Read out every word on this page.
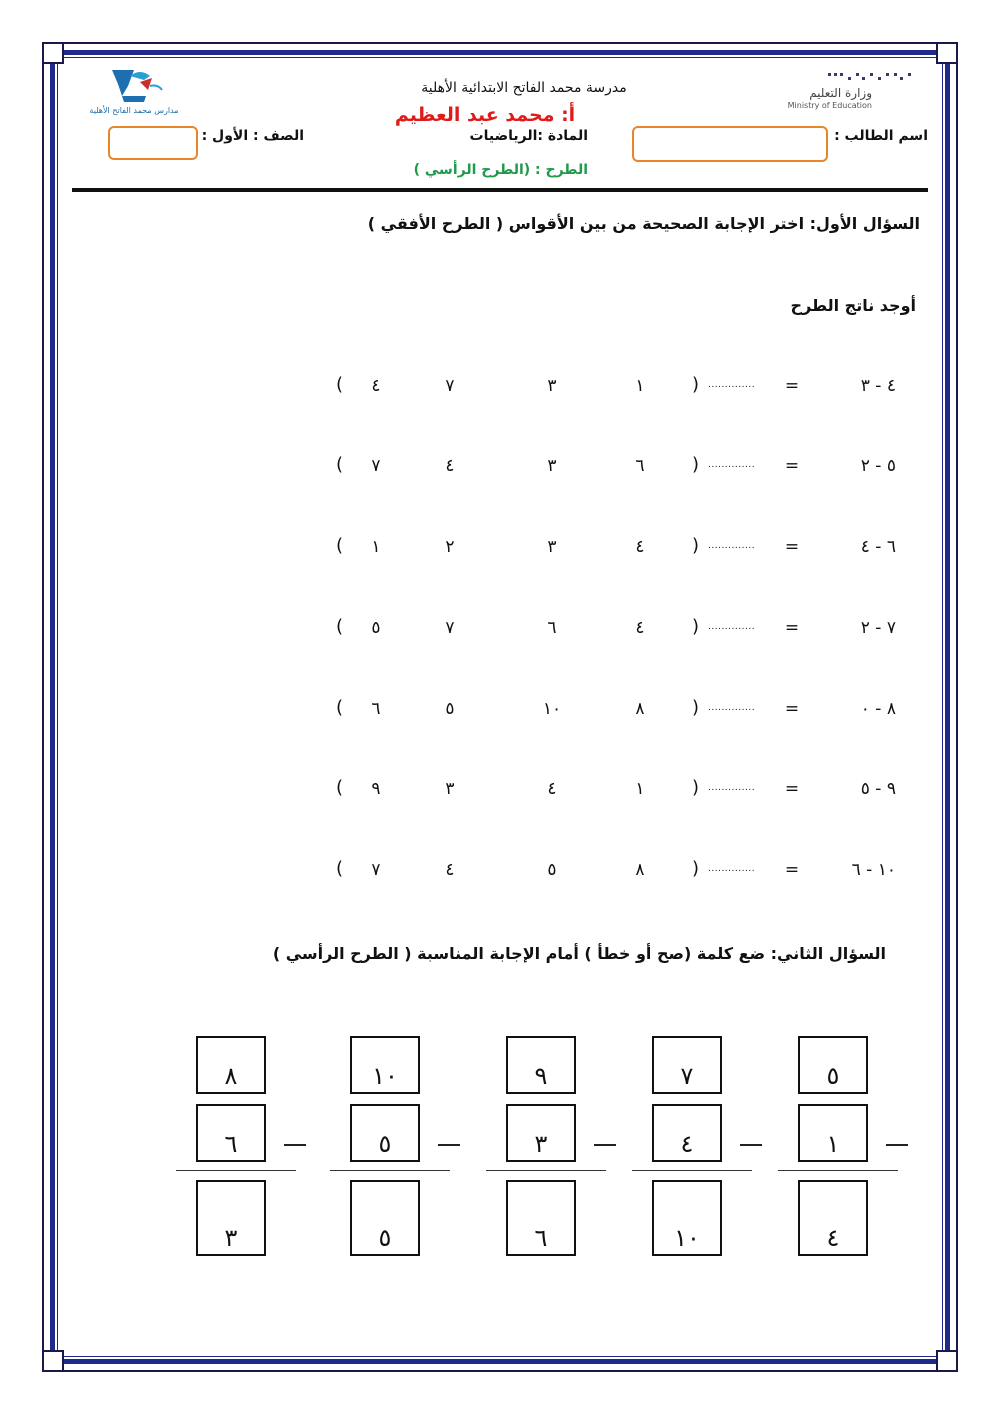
وزارة التعليم
Ministry of Education
مدارس محمد الفاتح الأهلية
مدرسة محمد الفاتح الابتدائية الأهلية
أ: محمد عبد العظيم
المادة :الرياضيات
الطرح : (الطرح الرأسي )
اسم الطالب :
الصف : الأول :
السؤال الأول: اختر الإجابة الصحيحة من بين الأقواس ( الطرح الأفقي )
أوجد ناتج الطرح
٤ - ٣
=
..............
)
١
٣
٧
٤
(
٥ - ٢
=
..............
)
٦
٣
٤
٧
(
٦ - ٤
=
..............
)
٤
٣
٢
١
(
٧ - ٢
=
..............
)
٤
٦
٧
٥
(
٨ - ٠
=
..............
)
٨
١٠
٥
٦
(
٩ - ٥
=
..............
)
١
٤
٣
٩
(
١٠ - ٦
=
..............
)
٨
٥
٤
٧
(
السؤال الثاني: ضع كلمة (صح أو خطأ ) أمام الإجابة المناسبة ( الطرح الرأسي )
٥
١
٤
٧
٤
١٠
٩
٣
٦
١٠
٥
٥
٨
٦
٣
